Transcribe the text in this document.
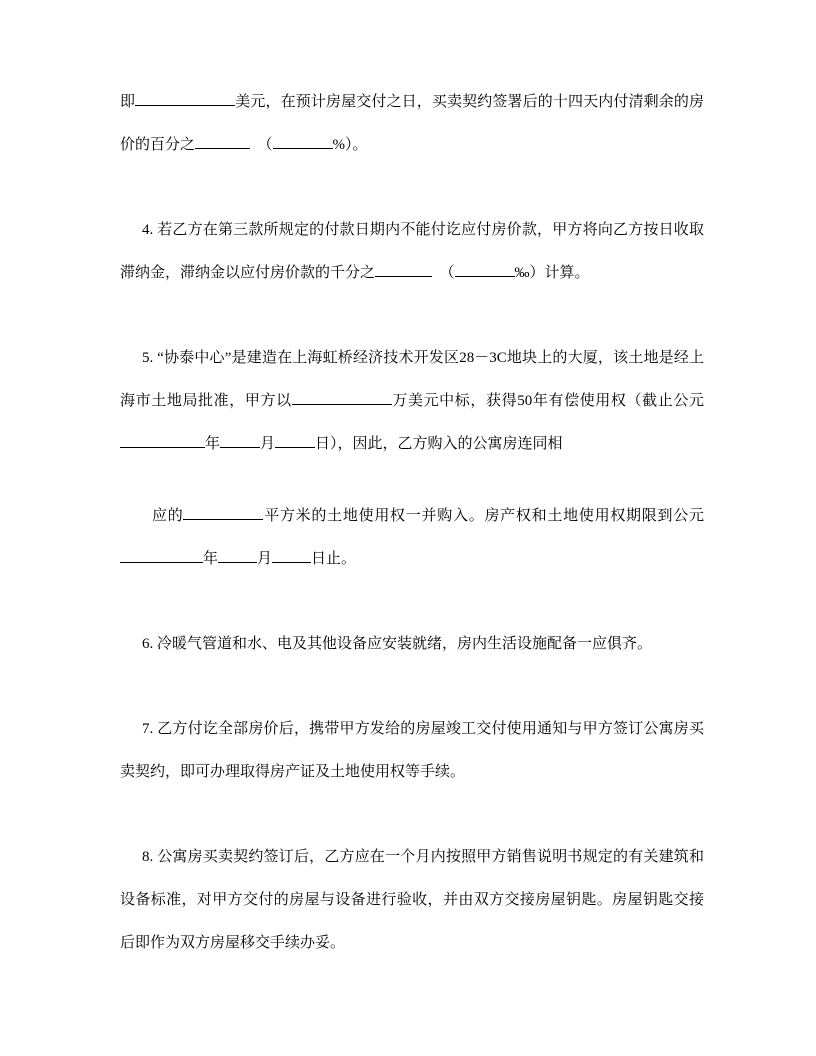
即	美元，在预计房屋交付之日，买卖契约签署后的十四天内付清剩余的房价的百分之	　（	%）。

4. 若乙方在第三款所规定的付款日期内不能付讫应付房价款，甲方将向乙方按日收取滞纳金，滞纳金以应付房价款的千分之	　（	‰）计算。

5. “协泰中心”是建造在上海虹桥经济技术开发区28－3C地块上的大厦，该土地是经上海市土地局批准，甲方以	万美元中标，获得50年有偿使用权（截止公元年	月	日），因此，乙方购入的公寓房连同相

应的	平方米的土地使用权一并购入。房产权和土地使用权期限到公元年	月	日止。

6. 冷暖气管道和水、电及其他设备应安装就绪，房内生活设施配备一应俱齐。

7. 乙方付讫全部房价后，携带甲方发给的房屋竣工交付使用通知与甲方签订公寓房买卖契约，即可办理取得房产证及土地使用权等手续。

8. 公寓房买卖契约签订后，乙方应在一个月内按照甲方销售说明书规定的有关建筑和设备标准，对甲方交付的房屋与设备进行验收，并由双方交接房屋钥匙。房屋钥匙交接后即作为双方房屋移交手续办妥。
